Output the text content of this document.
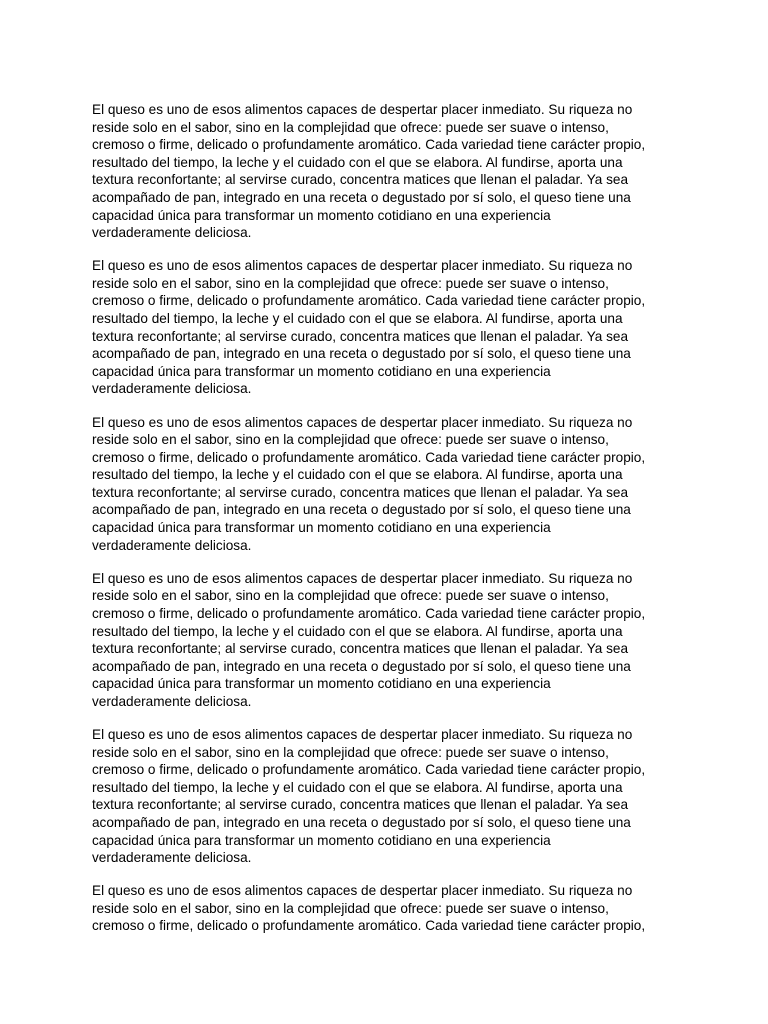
El queso es uno de esos alimentos capaces de despertar placer inmediato. Su riqueza no
reside solo en el sabor, sino en la complejidad que ofrece: puede ser suave o intenso,
cremoso o firme, delicado o profundamente aromático. Cada variedad tiene carácter propio,
resultado del tiempo, la leche y el cuidado con el que se elabora. Al fundirse, aporta una
textura reconfortante; al servirse curado, concentra matices que llenan el paladar. Ya sea
acompañado de pan, integrado en una receta o degustado por sí solo, el queso tiene una
capacidad única para transformar un momento cotidiano en una experiencia
verdaderamente deliciosa.

El queso es uno de esos alimentos capaces de despertar placer inmediato. Su riqueza no
reside solo en el sabor, sino en la complejidad que ofrece: puede ser suave o intenso,
cremoso o firme, delicado o profundamente aromático. Cada variedad tiene carácter propio,
resultado del tiempo, la leche y el cuidado con el que se elabora. Al fundirse, aporta una
textura reconfortante; al servirse curado, concentra matices que llenan el paladar. Ya sea
acompañado de pan, integrado en una receta o degustado por sí solo, el queso tiene una
capacidad única para transformar un momento cotidiano en una experiencia
verdaderamente deliciosa.

El queso es uno de esos alimentos capaces de despertar placer inmediato. Su riqueza no
reside solo en el sabor, sino en la complejidad que ofrece: puede ser suave o intenso,
cremoso o firme, delicado o profundamente aromático. Cada variedad tiene carácter propio,
resultado del tiempo, la leche y el cuidado con el que se elabora. Al fundirse, aporta una
textura reconfortante; al servirse curado, concentra matices que llenan el paladar. Ya sea
acompañado de pan, integrado en una receta o degustado por sí solo, el queso tiene una
capacidad única para transformar un momento cotidiano en una experiencia
verdaderamente deliciosa.

El queso es uno de esos alimentos capaces de despertar placer inmediato. Su riqueza no
reside solo en el sabor, sino en la complejidad que ofrece: puede ser suave o intenso,
cremoso o firme, delicado o profundamente aromático. Cada variedad tiene carácter propio,
resultado del tiempo, la leche y el cuidado con el que se elabora. Al fundirse, aporta una
textura reconfortante; al servirse curado, concentra matices que llenan el paladar. Ya sea
acompañado de pan, integrado en una receta o degustado por sí solo, el queso tiene una
capacidad única para transformar un momento cotidiano en una experiencia
verdaderamente deliciosa.

El queso es uno de esos alimentos capaces de despertar placer inmediato. Su riqueza no
reside solo en el sabor, sino en la complejidad que ofrece: puede ser suave o intenso,
cremoso o firme, delicado o profundamente aromático. Cada variedad tiene carácter propio,
resultado del tiempo, la leche y el cuidado con el que se elabora. Al fundirse, aporta una
textura reconfortante; al servirse curado, concentra matices que llenan el paladar. Ya sea
acompañado de pan, integrado en una receta o degustado por sí solo, el queso tiene una
capacidad única para transformar un momento cotidiano en una experiencia
verdaderamente deliciosa.

El queso es uno de esos alimentos capaces de despertar placer inmediato. Su riqueza no
reside solo en el sabor, sino en la complejidad que ofrece: puede ser suave o intenso,
cremoso o firme, delicado o profundamente aromático. Cada variedad tiene carácter propio,
